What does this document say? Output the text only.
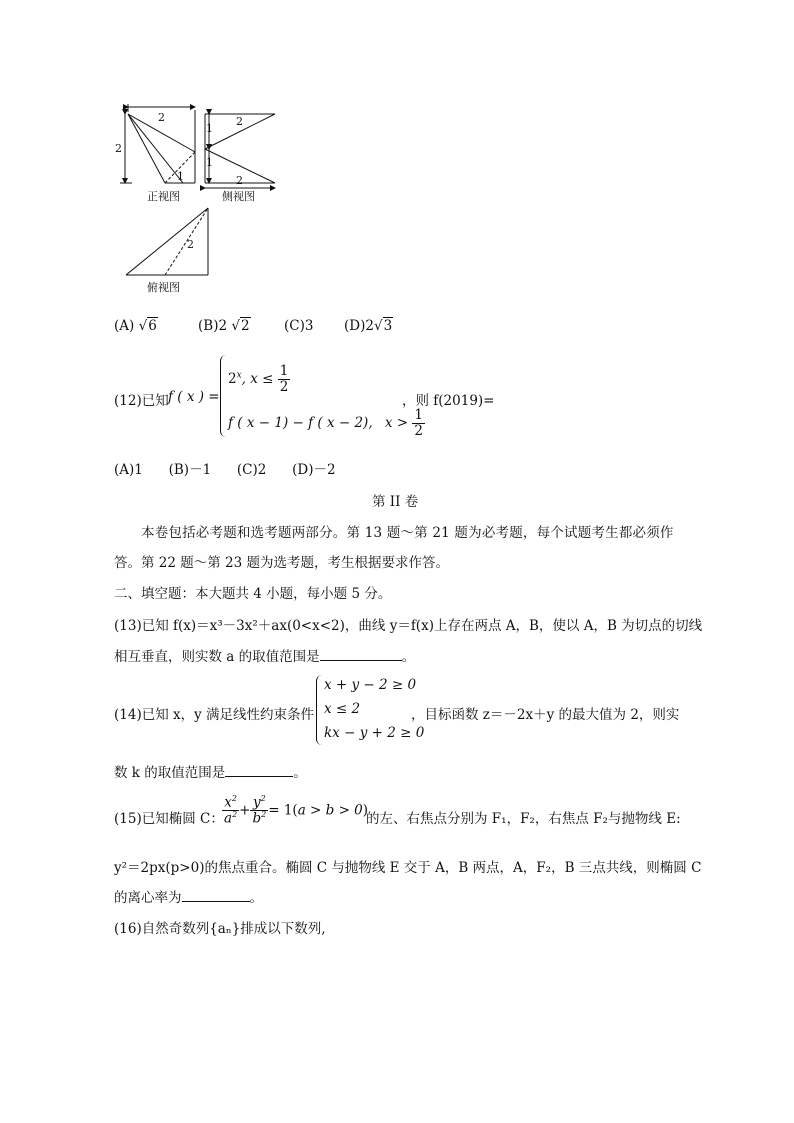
2
2
1
正视图
2
1
1
2
侧视图
2
俯视图
(A) √6	(B)2 √2	(C)3 (D)2√3
(12)已知 f ( x ) =
$2^x$, $x \le \frac{1}{2}$
f ( x − 1) − f ( x − 2), $x > \frac{1}{2}$
，则 f(2019)=
(A)1      (B)－1      (C)2      (D)－2
第 II 卷
本卷包括必考题和选考题两部分。第 13 题～第 21 题为必考题，每个试题考生都必须作
答。第 22 题～第 23 题为选考题，考生根据要求作答。
二、填空题：本大题共 4 小题，每小题 5 分。
(13)已知 f(x)＝x³－3x²＋ax(0<x<2)，曲线 y＝f(x)上存在两点 A，B，使以 A，B 为切点的切线
相互垂直，则实数 a 的取值范围是	。
(14)已知 x，y 满足线性约束条件
x + y − 2 ≥ 0
x ≤ 2
kx − y + 2 ≥ 0
，目标函数 z＝－2x＋y 的最大值为 2，则实
数 k 的取值范围是	。
(15)已知椭圆 C：
$\frac{x^2}{a^2} + \frac{y^2}{b^2} = 1(a > b > 0)$
的左、右焦点分别为 F₁，F₂，右焦点 F₂与抛物线 E:
y²＝2px(p>0)的焦点重合。椭圆 C 与抛物线 E 交于 A，B 两点，A，F₂，B 三点共线，则椭圆 C
的离心率为	。
(16)自然奇数列{aₙ}排成以下数列,
